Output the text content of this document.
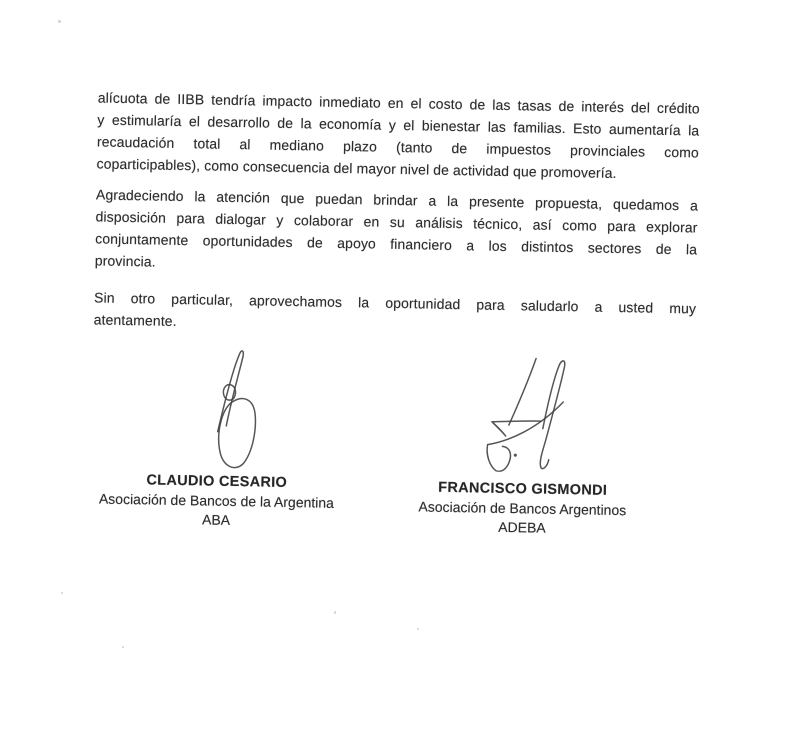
alícuota de IIBB tendría impacto inmediato en el costo de las tasas de interés del crédito
y estimularía el desarrollo de la economía y el bienestar las familias. Esto aumentaría la
recaudación total al mediano plazo (tanto de impuestos provinciales como
coparticipables), como consecuencia del mayor nivel de actividad que promovería.
Agradeciendo la atención que puedan brindar a la presente propuesta, quedamos a
disposición para dialogar y colaborar en su análisis técnico, así como para explorar
conjuntamente oportunidades de apoyo financiero a los distintos sectores de la
provincia.
Sin otro particular, aprovechamos la oportunidad para saludarlo a usted muy
atentamente.
CLAUDIO CESARIO
Asociación de Bancos de la Argentina
ABA
FRANCISCO GISMONDI
Asociación de Bancos Argentinos
ADEBA
